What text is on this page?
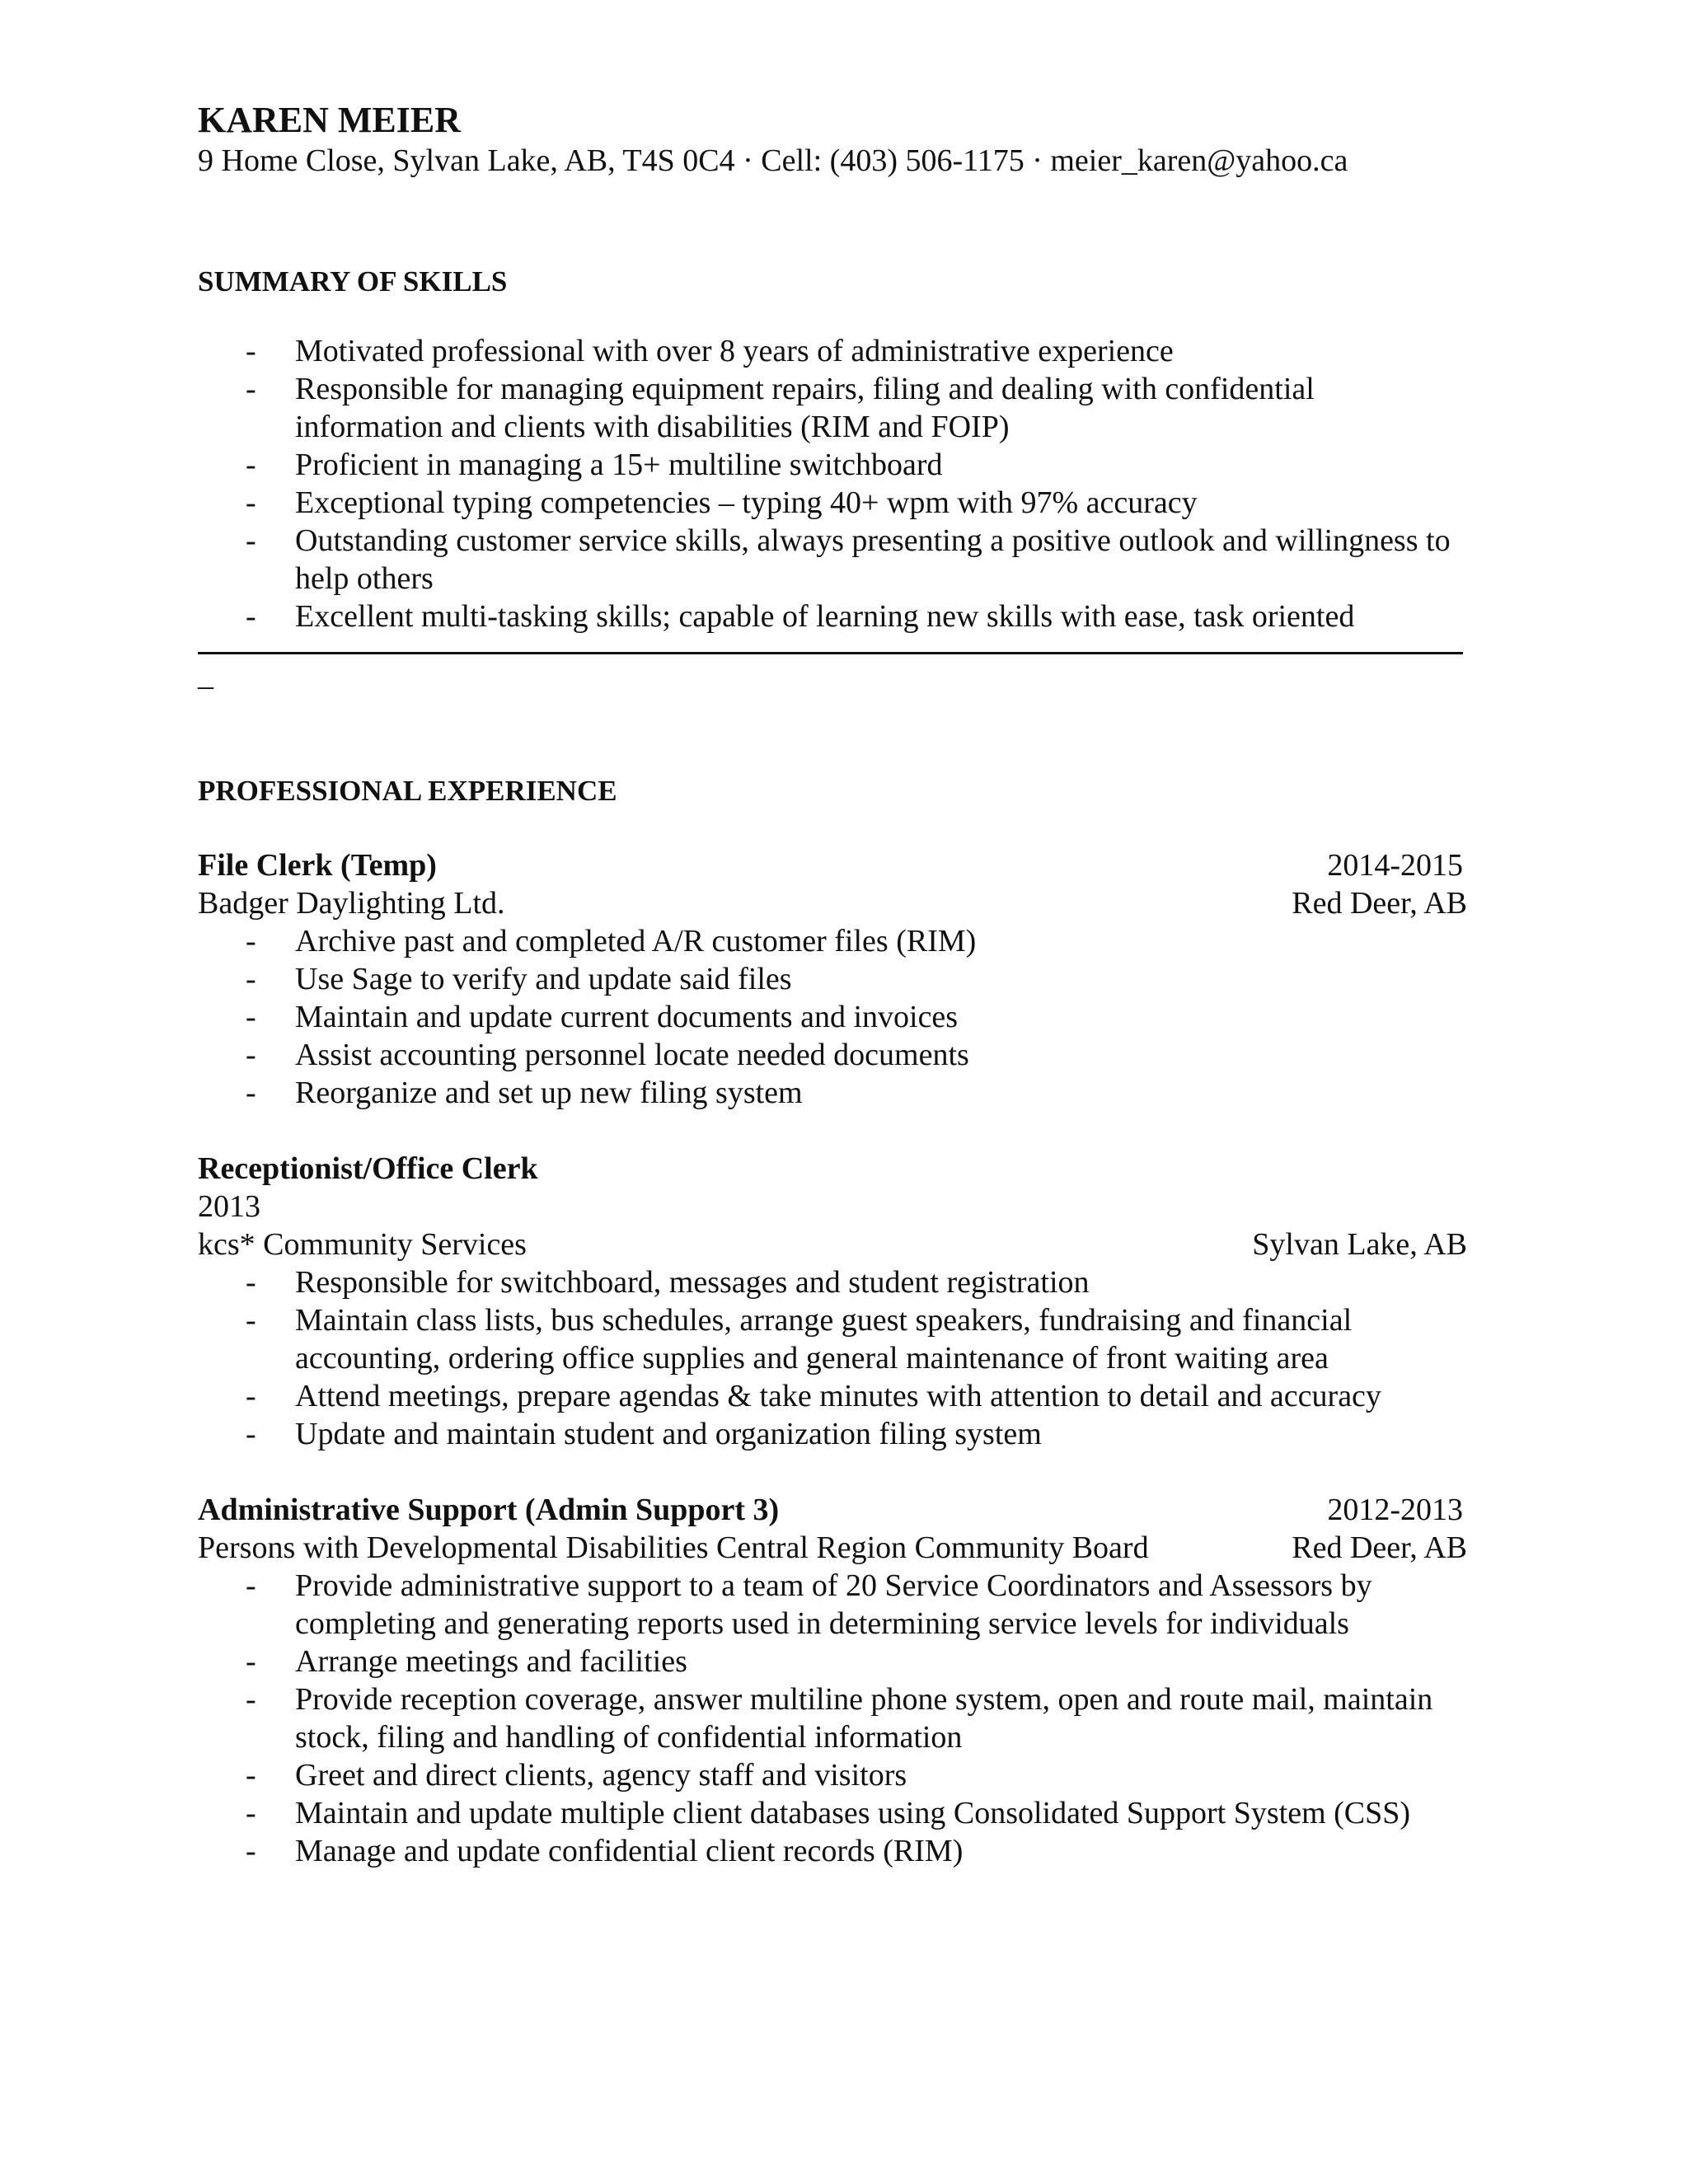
KAREN MEIER
9 Home Close, Sylvan Lake, AB, T4S 0C4 · Cell: (403) 506-1175 · meier_karen@yahoo.ca
SUMMARY OF SKILLS
- Motivated professional with over 8 years of administrative experience
- Responsible for managing equipment repairs, filing and dealing with confidential information and clients with disabilities (RIM and FOIP)
- Proficient in managing a 15+ multiline switchboard
- Exceptional typing competencies – typing 40+ wpm with 97% accuracy
- Outstanding customer service skills, always presenting a positive outlook and willingness to help others
- Excellent multi-tasking skills; capable of learning new skills with ease, task oriented
_
PROFESSIONAL EXPERIENCE
File Clerk (Temp)	2014-2015
Badger Daylighting Ltd.	Red Deer, AB
- Archive past and completed A/R customer files (RIM)
- Use Sage to verify and update said files
- Maintain and update current documents and invoices
- Assist accounting personnel locate needed documents
- Reorganize and set up new filing system
Receptionist/Office Clerk
2013
kcs* Community Services	Sylvan Lake, AB
- Responsible for switchboard, messages and student registration
- Maintain class lists, bus schedules, arrange guest speakers, fundraising and financial accounting, ordering office supplies and general maintenance of front waiting area
- Attend meetings, prepare agendas & take minutes with attention to detail and accuracy
- Update and maintain student and organization filing system
Administrative Support (Admin Support 3)	2012-2013
Persons with Developmental Disabilities Central Region Community Board	Red Deer, AB
- Provide administrative support to a team of 20 Service Coordinators and Assessors by completing and generating reports used in determining service levels for individuals
- Arrange meetings and facilities
- Provide reception coverage, answer multiline phone system, open and route mail, maintain stock, filing and handling of confidential information
- Greet and direct clients, agency staff and visitors
- Maintain and update multiple client databases using Consolidated Support System (CSS)
- Manage and update confidential client records (RIM)
